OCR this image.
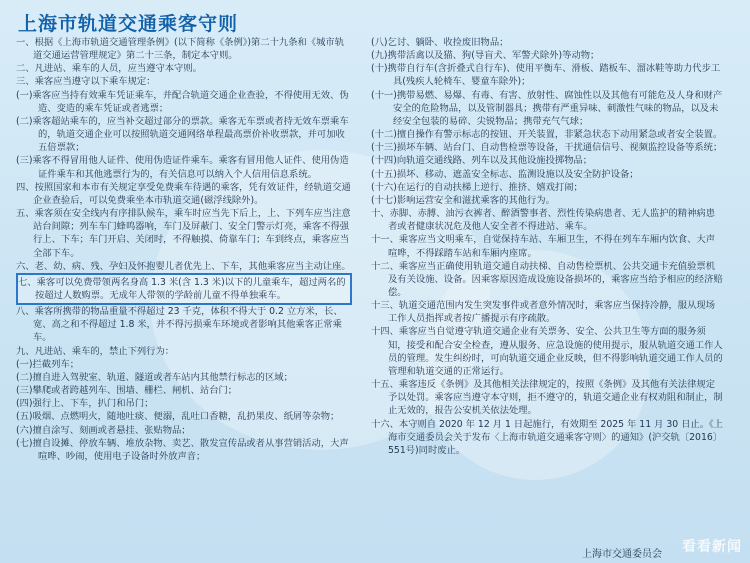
上海市轨道交通乘客守则

一、根据《上海市轨道交通管理条例》(以下简称《条例》)第二十九条和《城市轨道交通运营管理规定》第二十三条，制定本守则。

二、凡进站、乘车的人员，应当遵守本守则。

三、乘客应当遵守以下乘车规定：

(一)乘客应当持有效乘车凭证乘车，并配合轨道交通企业查验，不得使用无效、伪造、变造的乘车凭证或者逃票；

(二)乘客超站乘车的，应当补交超过部分的票款。乘客无车票或者持无效车票乘车的，轨道交通企业可以按照轨道交通网络单程最高票价补收票款，并可加收五倍票款；

(三)乘客不得冒用他人证件、使用伪造证件乘车。乘客有冒用他人证件、使用伪造证件乘车和其他逃票行为的，有关信息可以纳入个人信用信息系统。

四、按照国家和本市有关规定享受免费乘车待遇的乘客，凭有效证件，经轨道交通企业查验后，可以免费乘坐本市轨道交通(磁浮线除外)。

五、乘客须在安全线内有序排队候车，乘车时应当先下后上，上、下列车应当注意站台间隙；列车车门蜂鸣器响，车门及屏蔽门、安全门警示灯亮，乘客不得强行上、下车；车门开启、关闭时，不得触摸、倚靠车门；车到终点，乘客应当全部下车。

六、老、幼、病、残、孕妇及怀抱婴儿者优先上、下车，其他乘客应当主动让座。

七、乘客可以免费带领两名身高 1.3 米(含 1.3 米)以下的儿童乘车，超过两名的按超过人数购票。无成年人带领的学龄前儿童不得单独乘车。

八、乘客所携带的物品重量不得超过 23 千克，体积不得大于 0.2 立方米，长、宽、高之和不得超过 1.8 米，并不得污损乘车环境或者影响其他乘客正常乘车。

九、凡进站、乘车的，禁止下列行为：

(一)拦截列车；

(二)擅自进入驾驶室、轨道、隧道或者车站内其他禁行标志的区域；

(三)攀爬或者跨越列车、围墙、栅栏、闸机、站台门；

(四)强行上、下车，扒门和吊门；

(五)吸烟、点燃明火，随地吐痰、便溺，乱吐口香糖，乱扔果皮、纸屑等杂物；

(六)擅自涂写、刻画或者悬挂、张贴物品；

(七)擅自设摊、停放车辆、堆放杂物、卖艺、散发宣传品或者从事营销活动，大声喧哗、吵闹，使用电子设备时外放声音；

(八)乞讨、躺卧、收捡废旧物品；

(九)携带活禽以及猫、狗(导盲犬、军警犬除外)等动物；

(十)携带自行车(含折叠式自行车)、使用平衡车、滑板、踏板车、溜冰鞋等助力代步工具(残疾人轮椅车、婴童车除外)；

(十一)携带易燃、易爆、有毒、有害、放射性、腐蚀性以及其他有可能危及人身和财产安全的危险物品，以及管制器具；携带有严重异味、刺激性气味的物品，以及未经安全包装的易碎、尖锐物品；携带充气气球；

(十二)擅自操作有警示标志的按钮、开关装置，非紧急状态下动用紧急或者安全装置。

(十三)损坏车辆、站台门、自动售检票等设备，干扰通信信号、视频监控设备等系统；

(十四)向轨道交通线路、列车以及其他设施投掷物品；

(十五)损坏、移动、遮盖安全标志、监测设施以及安全防护设备；

(十六)在运行的自动扶梯上逆行、推挤、嬉戏打闹；

(十七)影响运营安全和滋扰乘客的其他行为。

十、赤脚、赤膊、油污衣裤者、醉酒警事者、烈性传染病患者、无人监护的精神病患者或者健康状况危及他人安全者不得进站、乘车。

十一、乘客应当文明乘车，自觉保持车站、车厢卫生，不得在列车车厢内饮食、大声喧哗，不得踩踏车站和车厢内座席。

十二、乘客应当正确使用轨道交通自动扶梯、自动售检票机、公共交通卡充值验票机及有关设施、设备。因乘客原因造成设施设备损坏的，乘客应当给予相应的经济赔偿。

十三、轨道交通范围内发生突发事件或者意外情况时，乘客应当保持冷静，服从现场工作人员指挥或者按广播提示有序疏散。

十四、乘客应当自觉遵守轨道交通企业有关票务、安全、公共卫生等方面的服务须知，接受和配合安全检查，遵从服务、应急设施的使用提示，服从轨道交通工作人员的管理。发生纠纷时，可向轨道交通企业反映，但不得影响轨道交通工作人员的管理和轨道交通的正常运行。

十五、乘客违反《条例》及其他相关法律规定的，按照《条例》及其他有关法律规定予以处罚。乘客应当遵守本守则，拒不遵守的，轨道交通企业有权劝阻和制止，制止无效的，报告公安机关依法处理。

十六、本守则自 2020 年 12 月 1 日起施行，有效期至 2025 年 11 月 30 日止。《上海市交通委员会关于发布〈上海市轨道交通乘客守则〉的通知》(沪交轨〔2016〕551号)同时废止。

上海市交通委员会 看看新闻
